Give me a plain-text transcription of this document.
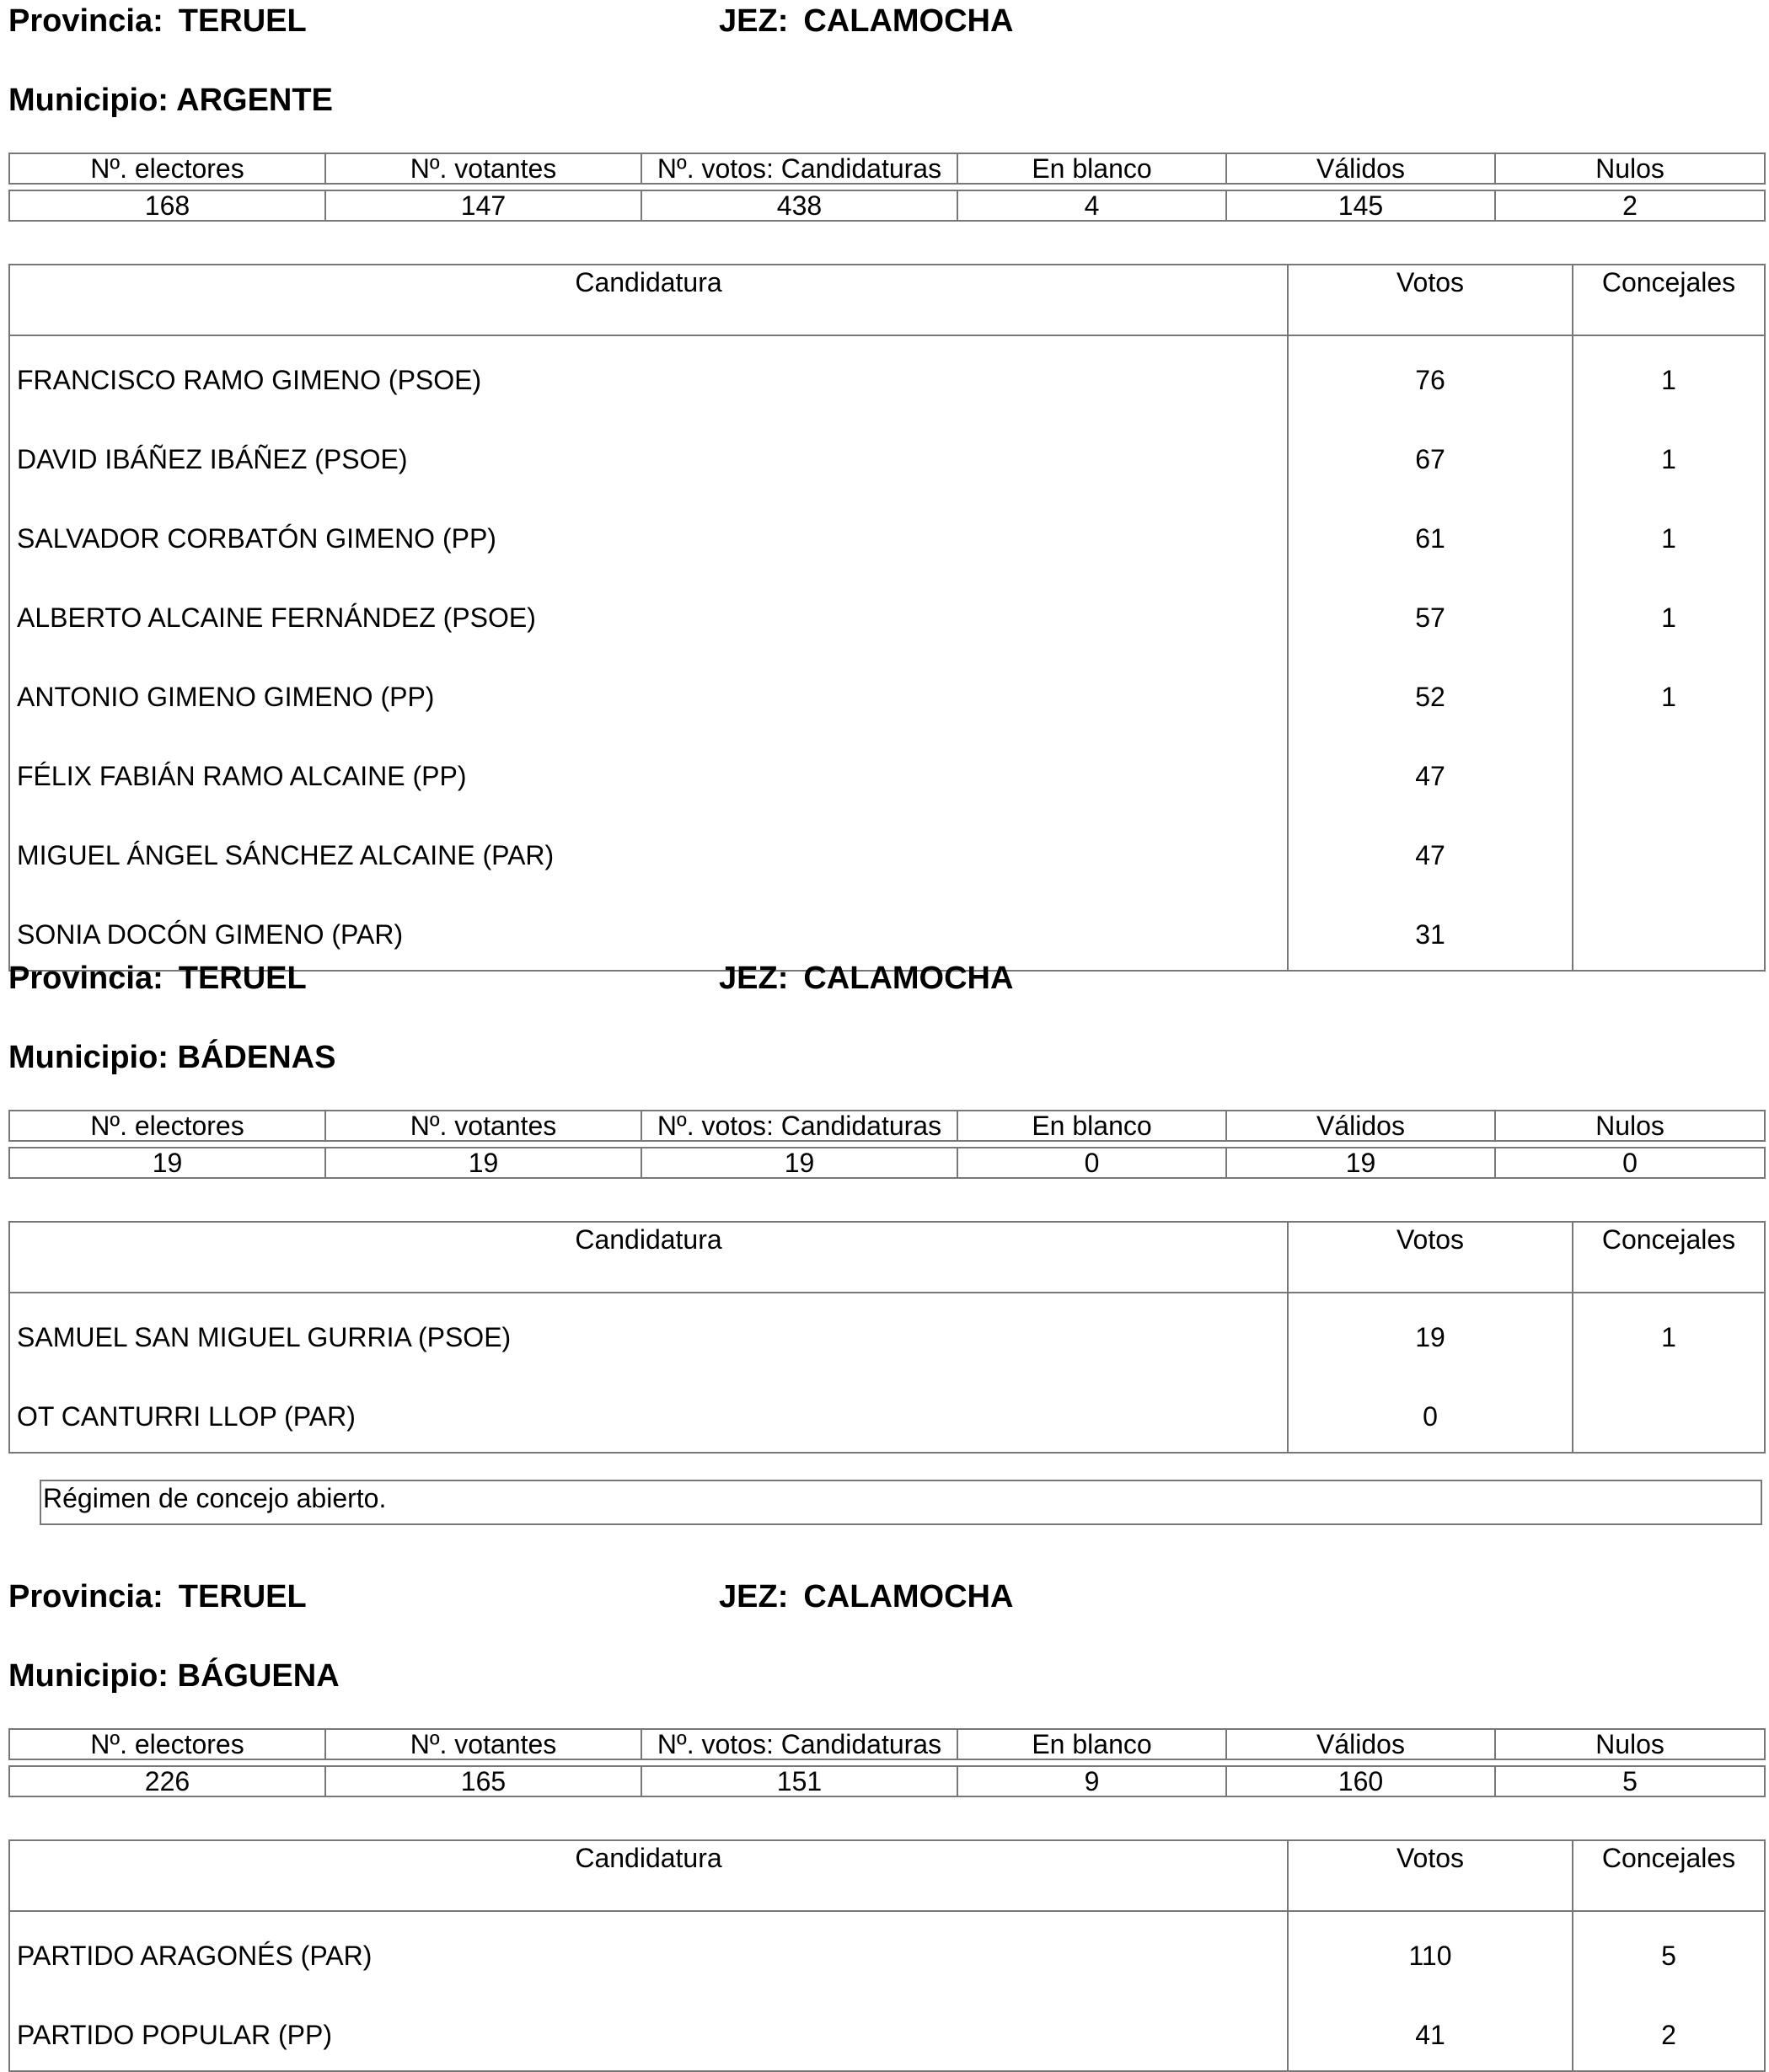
Provincia: TERUEL	JEZ: CALAMOCHA
Municipio: ARGENTE
Nº. electores	Nº. votantes	Nº. votos: Candidaturas	En blanco	Válidos	Nulos

168	147	438	4	145	2
Candidatura	Votos	Concejales
FRANCISCO RAMO GIMENO (PSOE)	76	1
DAVID IBÁÑEZ IBÁÑEZ (PSOE)	67	1
SALVADOR CORBATÓN GIMENO (PP)	61	1
ALBERTO ALCAINE FERNÁNDEZ (PSOE)	57	1
ANTONIO GIMENO GIMENO (PP)	52	1
FÉLIX FABIÁN RAMO ALCAINE (PP)	47	
MIGUEL ÁNGEL SÁNCHEZ ALCAINE (PAR)	47	
SONIA DOCÓN GIMENO (PAR)	31	
Provincia: TERUEL	JEZ: CALAMOCHA
Municipio: BÁDENAS
Nº. electores	Nº. votantes	Nº. votos: Candidaturas	En blanco	Válidos	Nulos

19	19	19	0	19	0
Candidatura	Votos	Concejales
SAMUEL SAN MIGUEL GURRIA (PSOE)	19	1
OT CANTURRI LLOP (PAR)	0	
Régimen de concejo abierto.
Provincia: TERUEL	JEZ: CALAMOCHA
Municipio: BÁGUENA
Nº. electores	Nº. votantes	Nº. votos: Candidaturas	En blanco	Válidos	Nulos

226	165	151	9	160	5
Candidatura	Votos	Concejales
PARTIDO ARAGONÉS (PAR)	110	5
PARTIDO POPULAR (PP)	41	2
